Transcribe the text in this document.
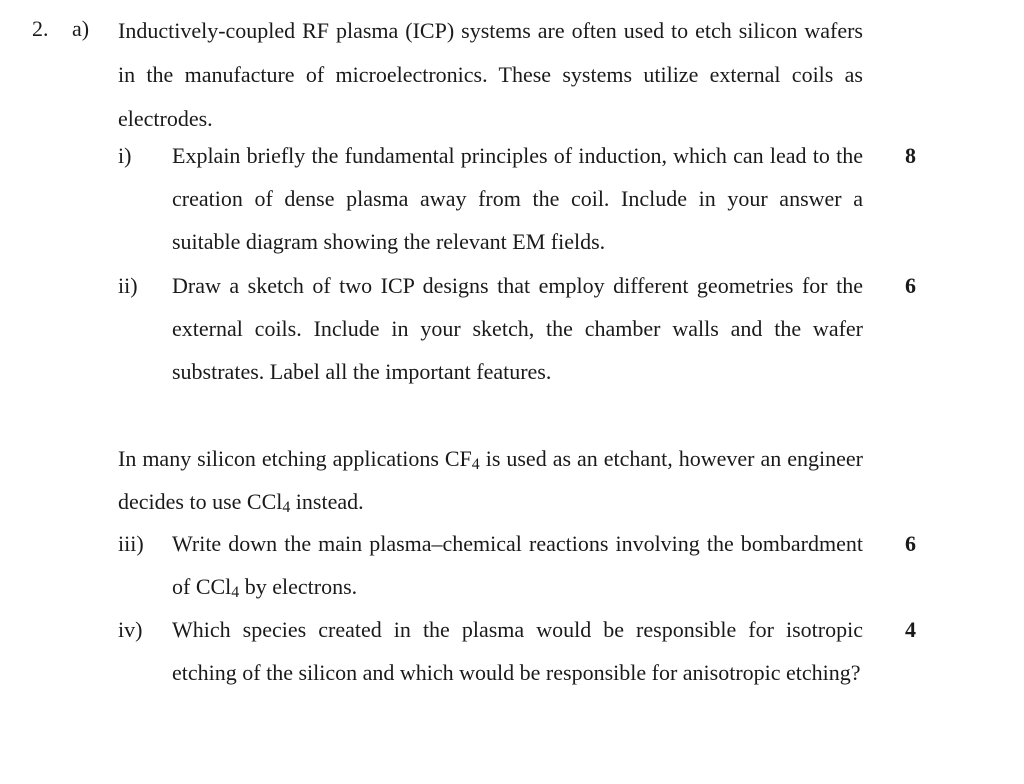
2. a) Inductively-coupled RF plasma (ICP) systems are often used to etch silicon wafers in the manufacture of microelectronics. These systems utilize external coils as electrodes.
i) Explain briefly the fundamental principles of induction, which can lead to the creation of dense plasma away from the coil. Include in your answer a suitable diagram showing the relevant EM fields.
8
ii) Draw a sketch of two ICP designs that employ different geometries for the external coils. Include in your sketch, the chamber walls and the wafer substrates. Label all the important features.
6
In many silicon etching applications $CF_4$ is used as an etchant, however an engineer decides to use CCl$_4$ instead.
iii) Write down the main plasma–chemical reactions involving the bombardment of CCl$_4$ by electrons.
6
iv) Which species created in the plasma would be responsible for isotropic etching of the silicon and which would be responsible for anisotropic etching?
4
